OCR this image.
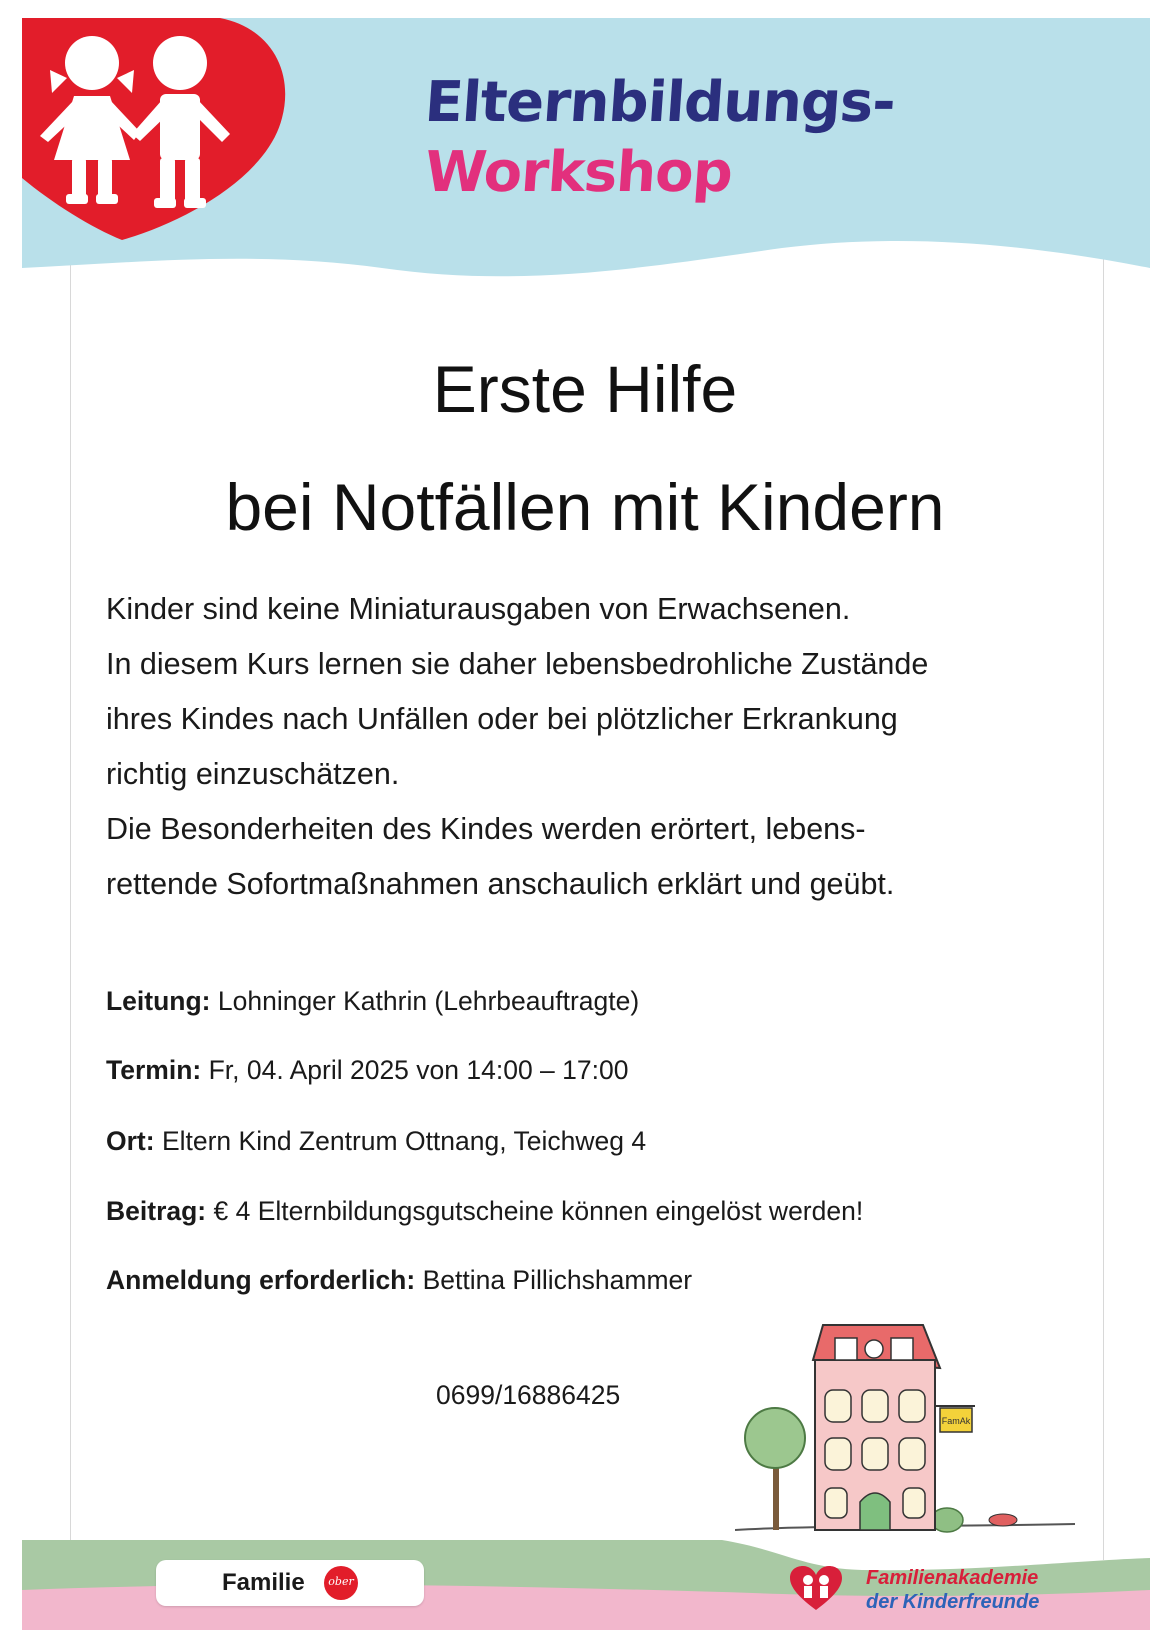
Elternbildungs-
Workshop
Erste Hilfe
bei Notfällen mit Kindern

Kinder sind keine Miniaturausgaben von Erwachsenen.
In diesem Kurs lernen sie daher lebensbedrohliche Zustände
ihres Kindes nach Unfällen oder bei plötzlicher Erkrankung
richtig einzuschätzen.
Die Besonderheiten des Kindes werden erörtert, lebens-
rettende Sofortmaßnahmen anschaulich erklärt und geübt.

Leitung: Lohninger Kathrin (Lehrbeauftragte)

Termin: Fr, 04. April 2025 von 14:00 – 17:00

Ort: Eltern Kind Zentrum Ottnang, Teichweg 4

Beitrag: € 4 Elternbildungsgutscheine können eingelöst werden!

Anmeldung erforderlich: Bettina Pillichshammer

0699/16886425

FamAk
Familie	ober	Familienakademie
der Kinderfreunde
